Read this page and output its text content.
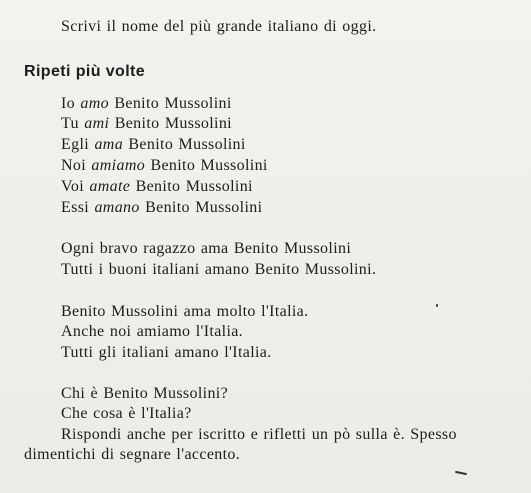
Scrivi il nome del più grande italiano di oggi.
Ripeti più volte
Io amo Benito Mussolini
Tu ami Benito Mussolini
Egli ama Benito Mussolini
Noi amiamo Benito Mussolini
Voi amate Benito Mussolini
Essi amano Benito Mussolini
Ogni bravo ragazzo ama Benito Mussolini
Tutti i buoni italiani amano Benito Mussolini.
Benito Mussolini ama molto l'Italia.
Anche noi amiamo l'Italia.
Tutti gli italiani amano l'Italia.
Chi è Benito Mussolini?
Che cosa è l'Italia?
Rispondi anche per iscritto e rifletti un pò sulla è. Spesso
dimentichi di segnare l'accento.
